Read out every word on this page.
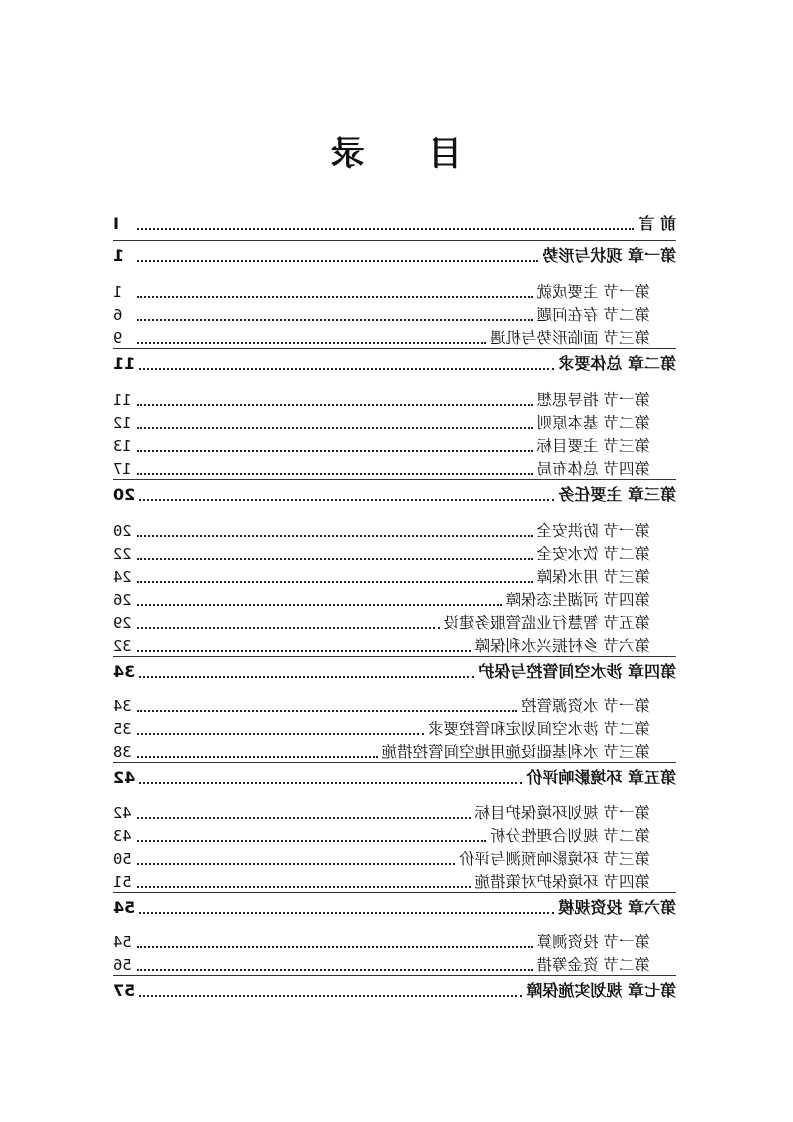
目 录
前 言
I
第一章 现状与形势
1
第一节 主要成就
1
第二节 存在问题
6
第三节 面临形势与机遇
9
第二章 总体要求
11
第一节 指导思想
11
第二节 基本原则
12
第三节 主要目标
13
第四节 总体布局
17
第三章 主要任务
20
第一节 防洪安全
20
第二节 饮水安全
22
第三节 用水保障
24
第四节 河湖生态保障
26
第五节 智慧行业监管服务建设
29
第六节 乡村振兴水利保障
32
第四章 涉水空间管控与保护
34
第一节 水资源管控
34
第二节 涉水空间划定和管控要求
35
第三节 水利基础设施用地空间管控措施
38
第五章 环境影响评价
42
第一节 规划环境保护目标
42
第二节 规划合理性分析
43
第三节 环境影响预测与评价
50
第四节 环境保护对策措施
51
第六章 投资规模
54
第一节 投资测算
54
第二节 资金筹措
56
第七章 规划实施保障
57
